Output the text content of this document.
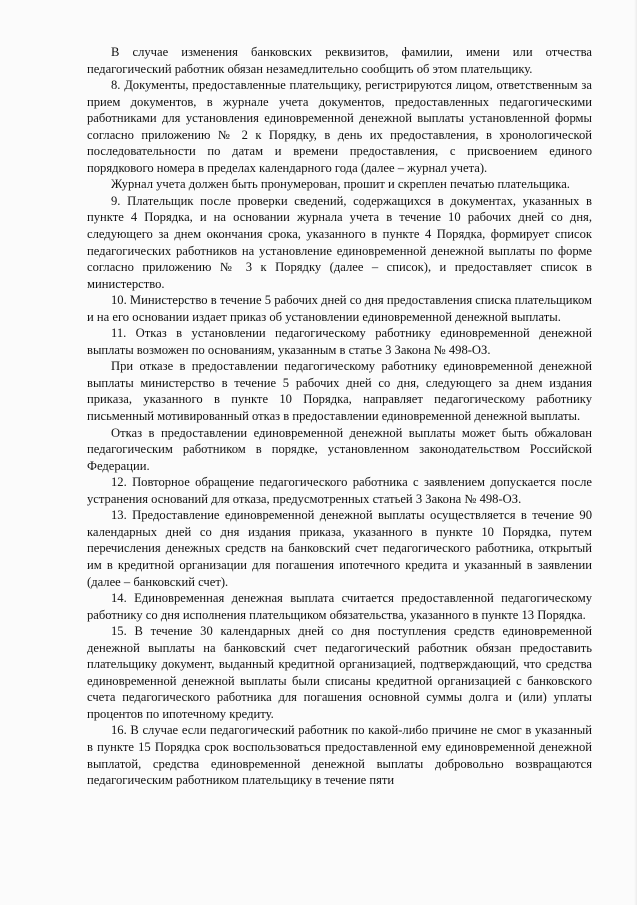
В случае изменения банковских реквизитов, фамилии, имени или отчества педагогический работник обязан незамедлительно сообщить об этом плательщику.

8. Документы, предоставленные плательщику, регистрируются лицом, ответственным за прием документов, в журнале учета документов, предоставленных педагогическими работниками для установления единовременной денежной выплаты установленной формы согласно приложению № 2 к Порядку, в день их предоставления, в хронологической последовательности по датам и времени предоставления, с присвоением единого порядкового номера в пределах календарного года (далее – журнал учета).

Журнал учета должен быть пронумерован, прошит и скреплен печатью плательщика.

9. Плательщик после проверки сведений, содержащихся в документах, указанных в пункте 4 Порядка, и на основании журнала учета в течение 10 рабочих дней со дня, следующего за днем окончания срока, указанного в пункте 4 Порядка, формирует список педагогических работников на установление единовременной денежной выплаты по форме согласно приложению № 3 к Порядку (далее – список), и предоставляет список в министерство.

10. Министерство в течение 5 рабочих дней со дня предоставления списка плательщиком и на его основании издает приказ об установлении единовременной денежной выплаты.

11. Отказ в установлении педагогическому работнику единовременной денежной выплаты возможен по основаниям, указанным в статье 3 Закона № 498-ОЗ.

При отказе в предоставлении педагогическому работнику единовременной денежной выплаты министерство в течение 5 рабочих дней со дня, следующего за днем издания приказа, указанного в пункте 10 Порядка, направляет педагогическому работнику письменный мотивированный отказ в предоставлении единовременной денежной выплаты.

Отказ в предоставлении единовременной денежной выплаты может быть обжалован педагогическим работником в порядке, установленном законодательством Российской Федерации.

12. Повторное обращение педагогического работника с заявлением допускается после устранения оснований для отказа, предусмотренных статьей 3 Закона № 498-ОЗ.

13. Предоставление единовременной денежной выплаты осуществляется в течение 90 календарных дней со дня издания приказа, указанного в пункте 10 Порядка, путем перечисления денежных средств на банковский счет педагогического работника, открытый им в кредитной организации для погашения ипотечного кредита и указанный в заявлении (далее – банковский счет).

14. Единовременная денежная выплата считается предоставленной педагогическому работнику со дня исполнения плательщиком обязательства, указанного в пункте 13 Порядка.

15. В течение 30 календарных дней со дня поступления средств единовременной денежной выплаты на банковский счет педагогический работник обязан предоставить плательщику документ, выданный кредитной организацией, подтверждающий, что средства единовременной денежной выплаты были списаны кредитной организацией с банковского счета педагогического работника для погашения основной суммы долга и (или) уплаты процентов по ипотечному кредиту.

16. В случае если педагогический работник по какой-либо причине не смог в указанный в пункте 15 Порядка срок воспользоваться предоставленной ему единовременной денежной выплатой, средства единовременной денежной выплаты добровольно возвращаются педагогическим работником плательщику в течение пяти
